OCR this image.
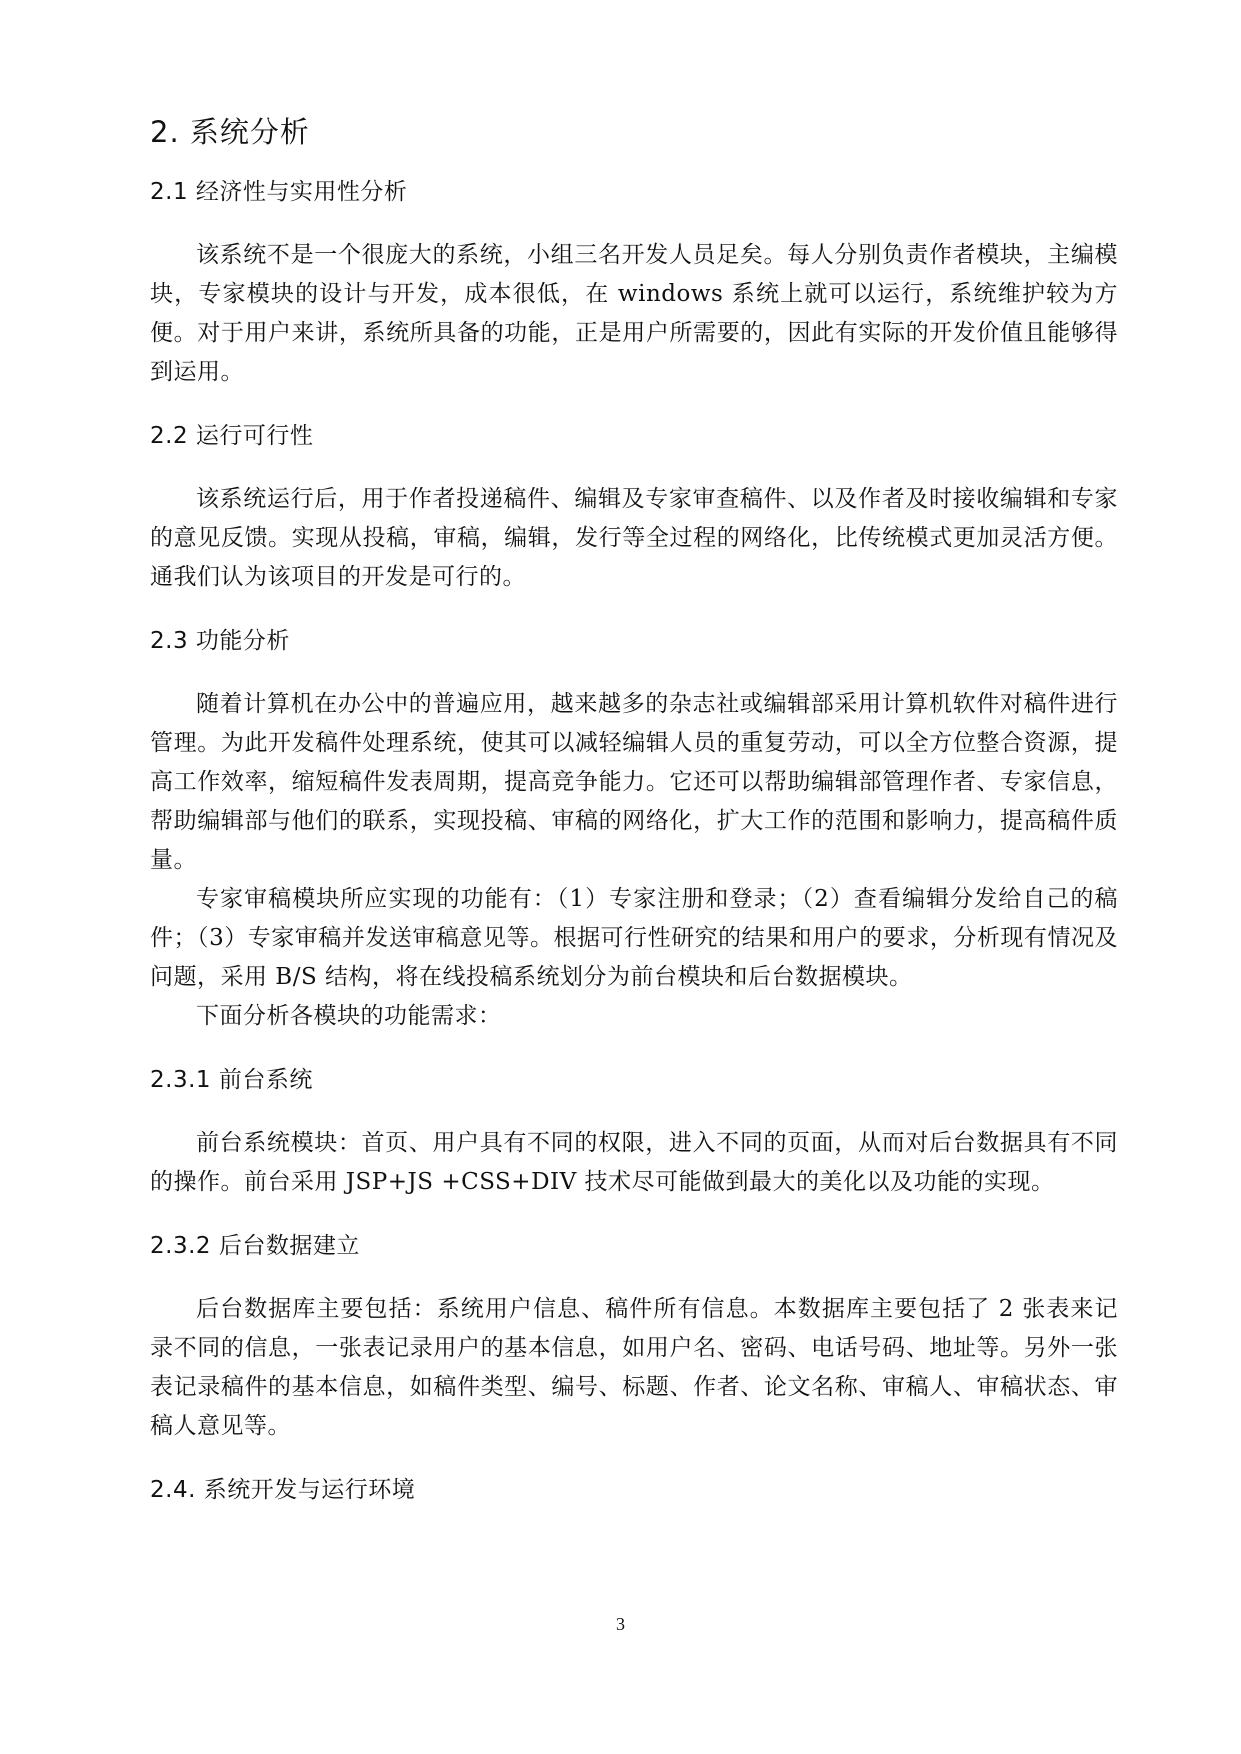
2. 系统分析
2.1 经济性与实用性分析

该系统不是一个很庞大的系统，小组三名开发人员足矣。每人分别负责作者模块，主编模块，专家模块的设计与开发，成本很低，在 windows 系统上就可以运行，系统维护较为方便。对于用户来讲，系统所具备的功能，正是用户所需要的，因此有实际的开发价值且能够得到运用。

2.2 运行可行性

该系统运行后，用于作者投递稿件、编辑及专家审查稿件、以及作者及时接收编辑和专家的意见反馈。实现从投稿，审稿，编辑，发行等全过程的网络化，比传统模式更加灵活方便。通我们认为该项目的开发是可行的。

2.3 功能分析

随着计算机在办公中的普遍应用，越来越多的杂志社或编辑部采用计算机软件对稿件进行管理。为此开发稿件处理系统，使其可以减轻编辑人员的重复劳动，可以全方位整合资源，提高工作效率，缩短稿件发表周期，提高竞争能力。它还可以帮助编辑部管理作者、专家信息，帮助编辑部与他们的联系，实现投稿、审稿的网络化，扩大工作的范围和影响力，提高稿件质量。

专家审稿模块所应实现的功能有：（1）专家注册和登录；（2）查看编辑分发给自己的稿件；（3）专家审稿并发送审稿意见等。根据可行性研究的结果和用户的要求，分析现有情况及问题，采用 B/S 结构，将在线投稿系统划分为前台模块和后台数据模块。

下面分析各模块的功能需求：

2.3.1 前台系统

前台系统模块：首页、用户具有不同的权限，进入不同的页面，从而对后台数据具有不同的操作。前台采用 JSP+JS +CSS+DIV 技术尽可能做到最大的美化以及功能的实现。

2.3.2 后台数据建立

后台数据库主要包括：系统用户信息、稿件所有信息。本数据库主要包括了 2 张表来记录不同的信息，一张表记录用户的基本信息，如用户名、密码、电话号码、地址等。另外一张表记录稿件的基本信息，如稿件类型、编号、标题、作者、论文名称、审稿人、审稿状态、审稿人意见等。

2.4. 系统开发与运行环境
3
